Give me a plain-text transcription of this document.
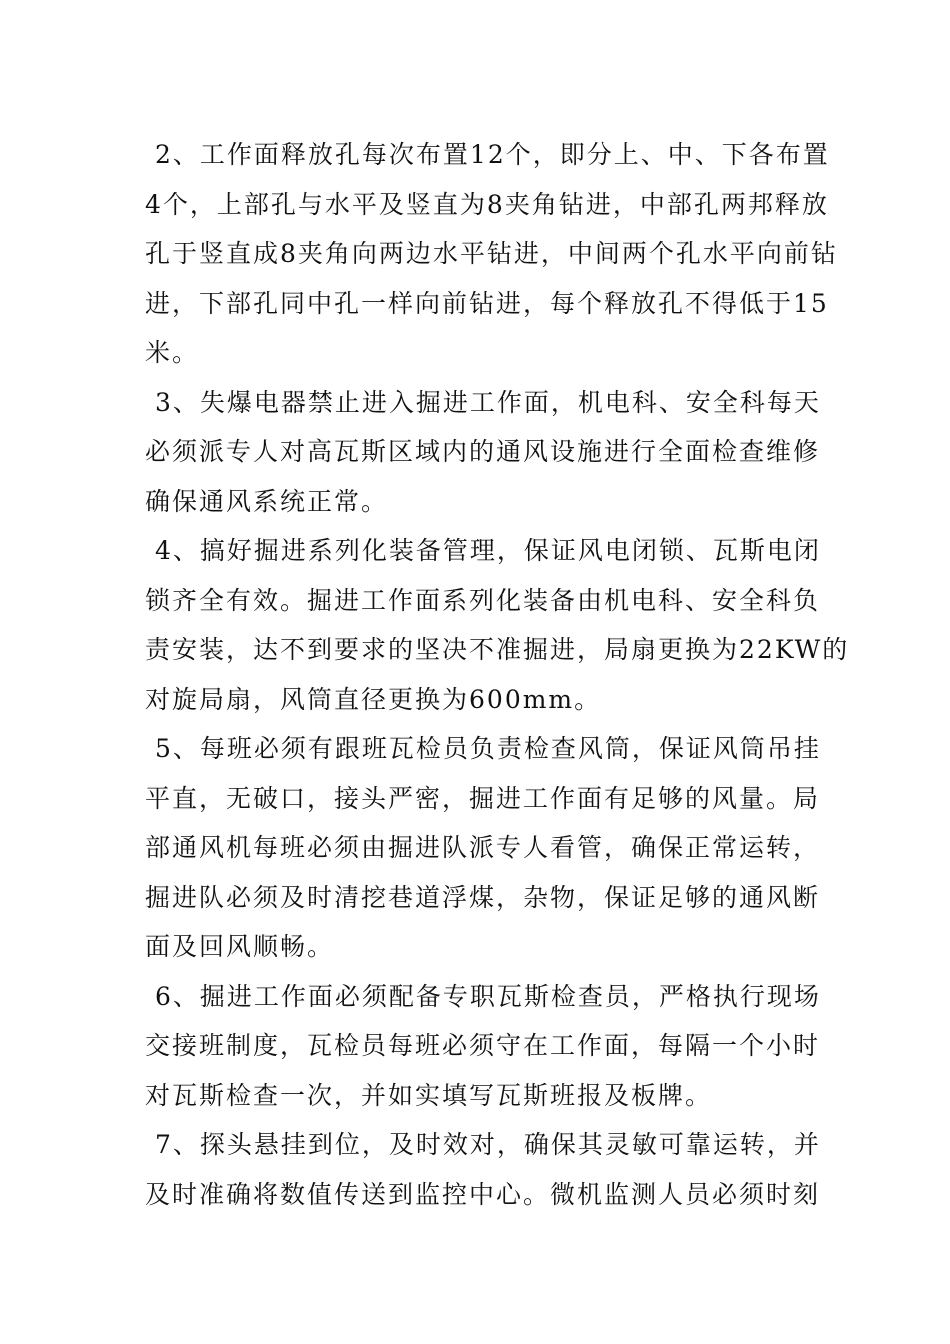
2、工作面释放孔每次布置12个，即分上、中、下各布置
4个，上部孔与水平及竖直为8夹角钻进，中部孔两邦释放
孔于竖直成8夹角向两边水平钻进，中间两个孔水平向前钻
进，下部孔同中孔一样向前钻进，每个释放孔不得低于15
米。
3、失爆电器禁止进入掘进工作面，机电科、安全科每天
必须派专人对高瓦斯区域内的通风设施进行全面检查维修
确保通风系统正常。
4、搞好掘进系列化装备管理，保证风电闭锁、瓦斯电闭
锁齐全有效。掘进工作面系列化装备由机电科、安全科负
责安装，达不到要求的坚决不准掘进，局扇更换为22KW的
对旋局扇，风筒直径更换为600mm。
5、每班必须有跟班瓦检员负责检查风筒，保证风筒吊挂
平直，无破口，接头严密，掘进工作面有足够的风量。局
部通风机每班必须由掘进队派专人看管，确保正常运转，
掘进队必须及时清挖巷道浮煤，杂物，保证足够的通风断
面及回风顺畅。
6、掘进工作面必须配备专职瓦斯检查员，严格执行现场
交接班制度，瓦检员每班必须守在工作面，每隔一个小时
对瓦斯检查一次，并如实填写瓦斯班报及板牌。
7、探头悬挂到位，及时效对，确保其灵敏可靠运转，并
及时准确将数值传送到监控中心。微机监测人员必须时刻
